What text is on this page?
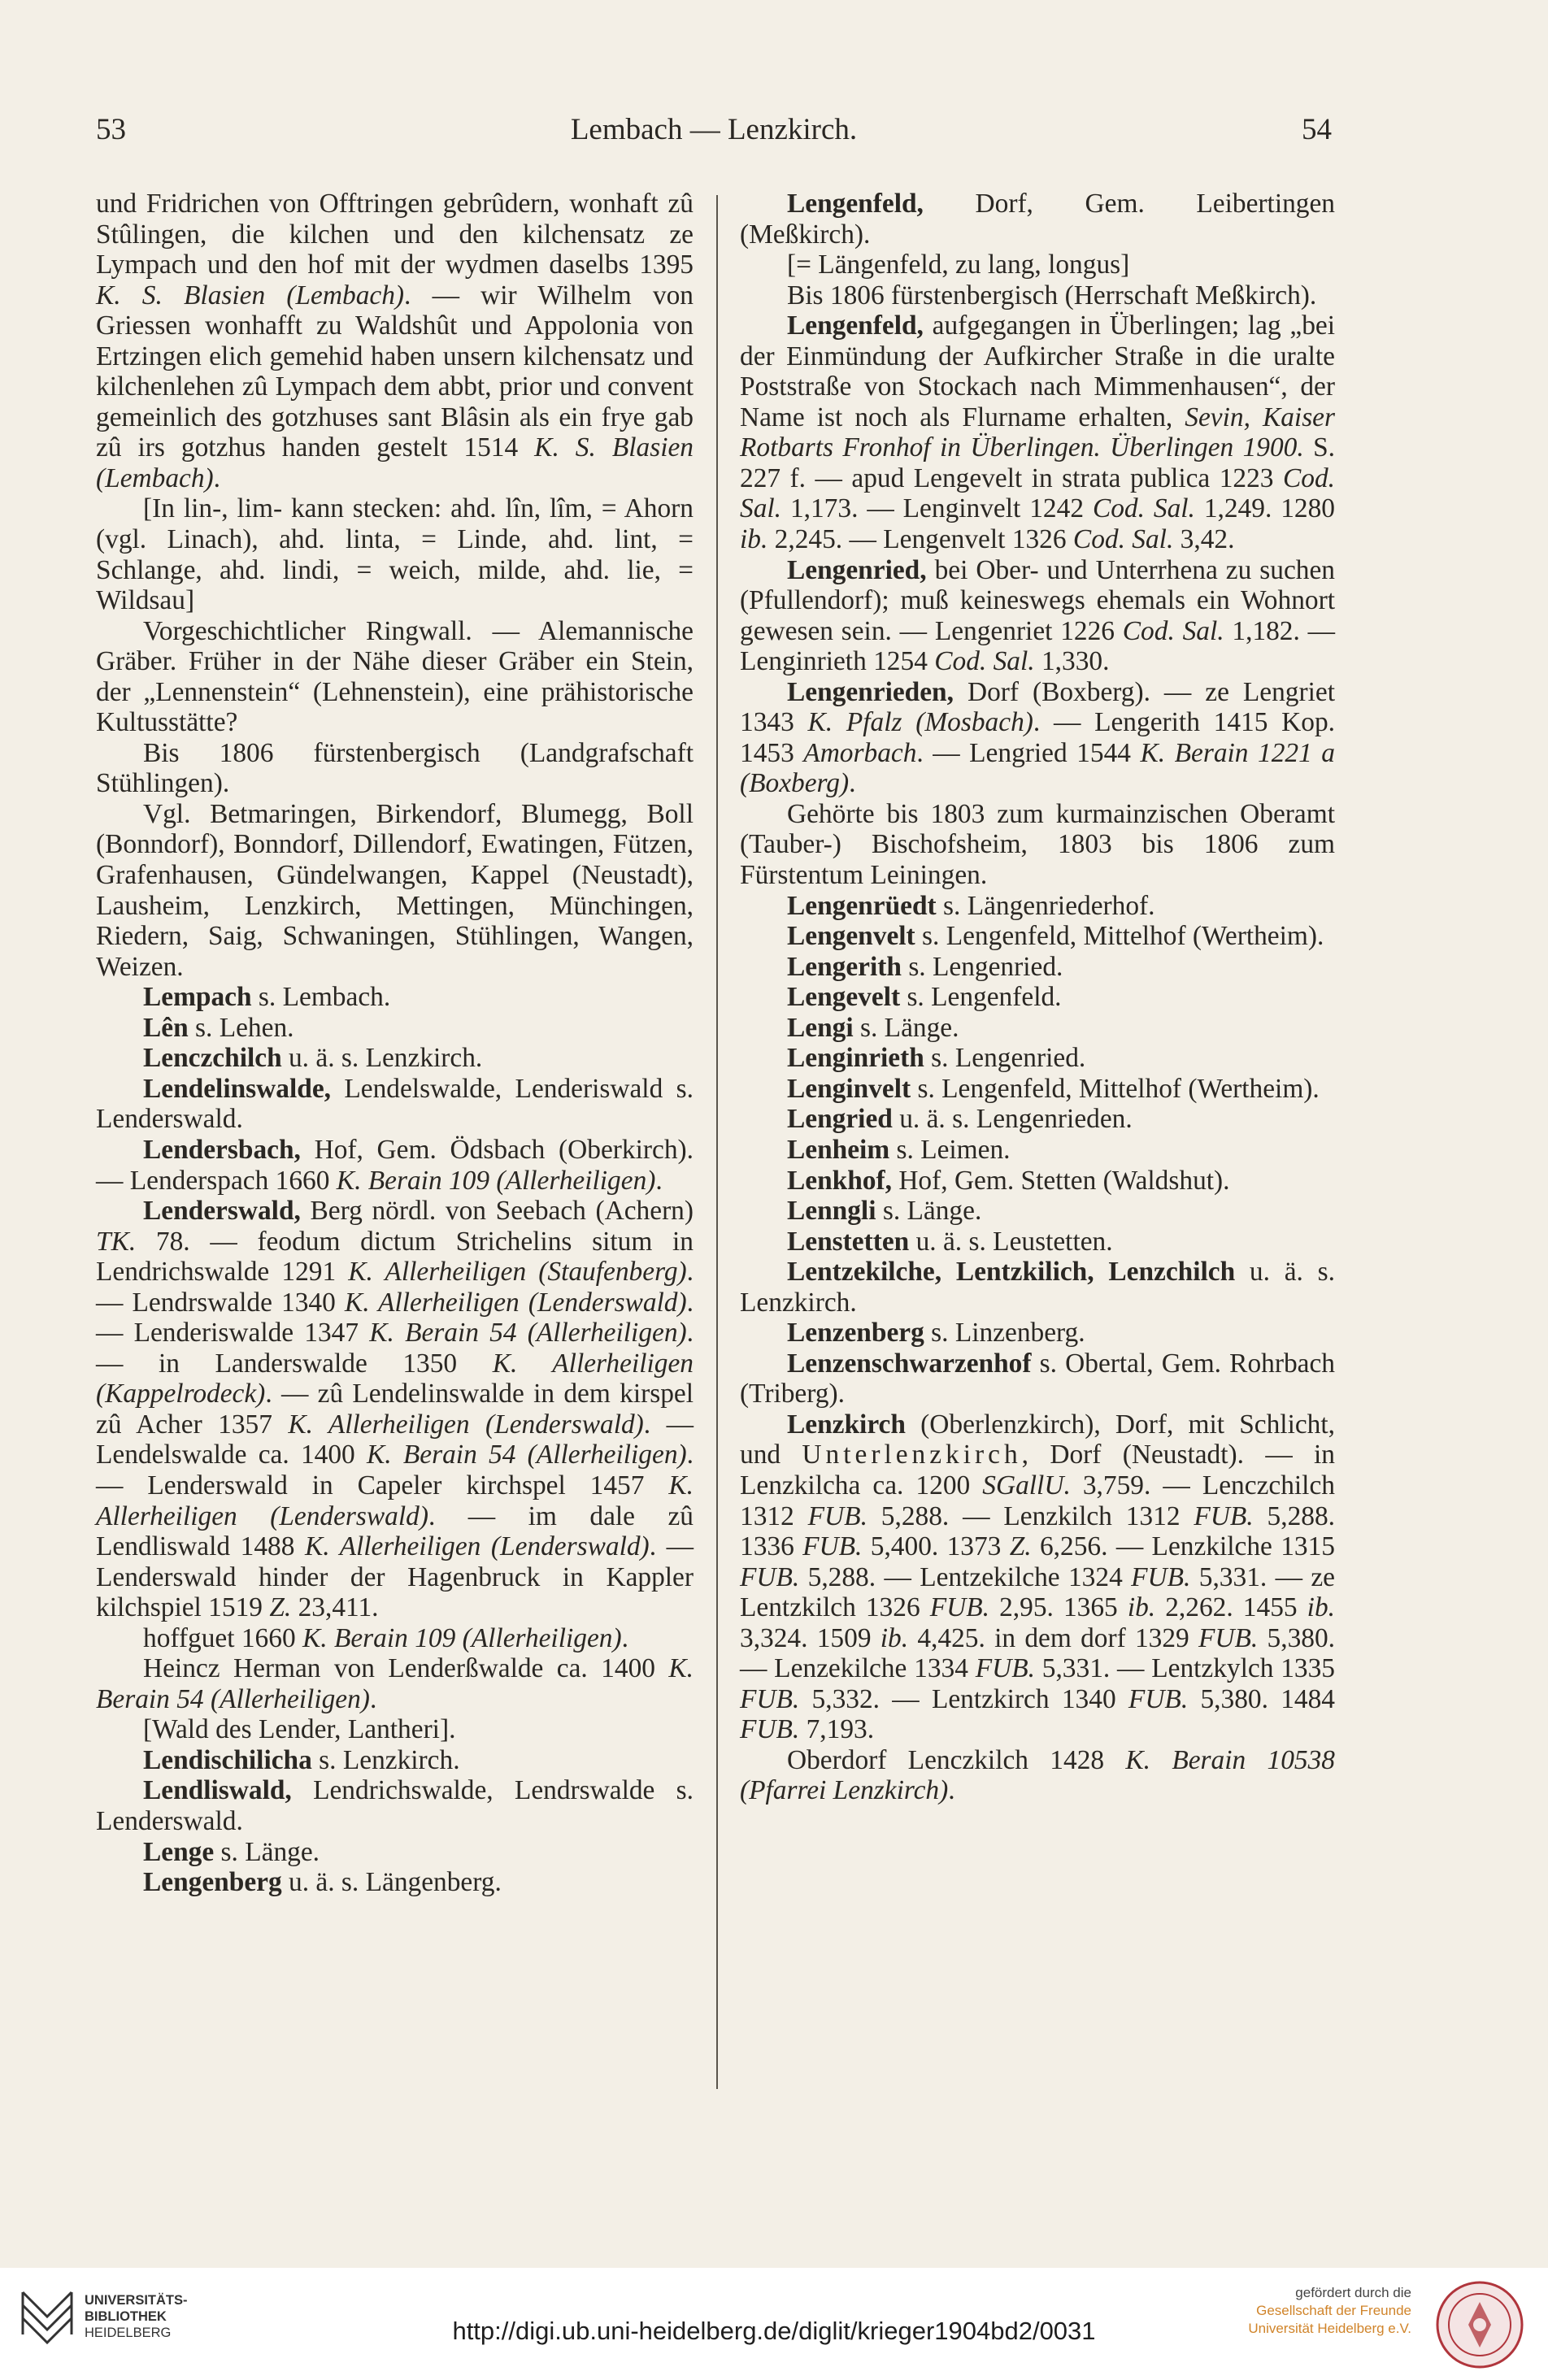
53	Lembach — Lenzkirch.	54

und Fridrichen von Offtringen gebrûdern, wonhaft zû Stûlingen, die kilchen und den kilchensatz ze Lympach und den hof mit der wydmen daselbs 1395 K. S. Blasien (Lembach). — wir Wilhelm von Griessen wonhafft zu Waldshût und Appolonia von Ertzingen elich gemehid haben unsern kilchensatz und kilchenlehen zû Lympach dem abbt, prior und convent gemeinlich des gotzhuses sant Blâsin als ein frye gab zû irs gotzhus handen gestelt 1514 K. S. Blasien (Lembach).

[In lin-, lim- kann stecken: ahd. lîn, lîm, = Ahorn (vgl. Linach), ahd. linta, = Linde, ahd. lint, = Schlange, ahd. lindi, = weich, milde, ahd. lie, = Wildsau]

Vorgeschichtlicher Ringwall. — Alemannische Gräber. Früher in der Nähe dieser Gräber ein Stein, der „Lennenstein“ (Lehnenstein), eine prähistorische Kultusstätte?

Bis 1806 fürstenbergisch (Landgrafschaft Stühlingen).

Vgl. Betmaringen, Birkendorf, Blumegg, Boll (Bonndorf), Bonndorf, Dillendorf, Ewatingen, Fützen, Grafenhausen, Gündelwangen, Kappel (Neustadt), Lausheim, Lenzkirch, Mettingen, Münchingen, Riedern, Saig, Schwaningen, Stühlingen, Wangen, Weizen.

Lempach s. Lembach.

Lên s. Lehen.

Lenczchilch u. ä. s. Lenzkirch.

Lendelinswalde, Lendelswalde, Lenderiswald s. Lenderswald.

Lendersbach, Hof, Gem. Ödsbach (Oberkirch). — Lenderspach 1660 K. Berain 109 (Allerheiligen).

Lenderswald, Berg nördl. von Seebach (Achern) TK. 78. — feodum dictum Strichelins situm in Lendrichswalde 1291 K. Allerheiligen (Staufenberg). — Lendrswalde 1340 K. Allerheiligen (Lenderswald). — Lenderiswalde 1347 K. Berain 54 (Allerheiligen). — in Landerswalde 1350 K. Allerheiligen (Kappelrodeck). — zû Lendelinswalde in dem kirspel zû Acher 1357 K. Allerheiligen (Lenderswald). — Lendelswalde ca. 1400 K. Berain 54 (Allerheiligen). — Lenderswald in Capeler kirchspel 1457 K. Allerheiligen (Lenderswald). — im dale zû Lendliswald 1488 K. Allerheiligen (Lenderswald). — Lenderswald hinder der Hagenbruck in Kappler kilchspiel 1519 Z. 23,411.

hoffguet 1660 K. Berain 109 (Allerheiligen).

Heincz Herman von Lenderßwalde ca. 1400 K. Berain 54 (Allerheiligen).

[Wald des Lender, Lantheri].

Lendischilicha s. Lenzkirch.

Lendliswald, Lendrichswalde, Lendrswalde s. Lenderswald.

Lenge s. Länge.

Lengenberg u. ä. s. Längenberg.

Lengenfeld, Dorf, Gem. Leibertingen (Meßkirch).

[= Längenfeld, zu lang, longus]

Bis 1806 fürstenbergisch (Herrschaft Meßkirch).

Lengenfeld, aufgegangen in Überlingen; lag „bei der Einmündung der Aufkircher Straße in die uralte Poststraße von Stockach nach Mimmenhausen“, der Name ist noch als Flurname erhalten, Sevin, Kaiser Rotbarts Fronhof in Überlingen. Überlingen 1900. S. 227 f. — apud Lengevelt in strata publica 1223 Cod. Sal. 1,173. — Lenginvelt 1242 Cod. Sal. 1,249. 1280 ib. 2,245. — Lengenvelt 1326 Cod. Sal. 3,42.

Lengenried, bei Ober- und Unterrhena zu suchen (Pfullendorf); muß keineswegs ehemals ein Wohnort gewesen sein. — Lengenriet 1226 Cod. Sal. 1,182. — Lenginrieth 1254 Cod. Sal. 1,330.

Lengenrieden, Dorf (Boxberg). — ze Lengriet 1343 K. Pfalz (Mosbach). — Lengerith 1415 Kop. 1453 Amorbach. — Lengried 1544 K. Berain 1221 a (Boxberg).

Gehörte bis 1803 zum kurmainzischen Oberamt (Tauber-) Bischofsheim, 1803 bis 1806 zum Fürstentum Leiningen.

Lengenrüedt s. Längenriederhof.

Lengenvelt s. Lengenfeld, Mittelhof (Wertheim).

Lengerith s. Lengenried.

Lengevelt s. Lengenfeld.

Lengi s. Länge.

Lenginrieth s. Lengenried.

Lenginvelt s. Lengenfeld, Mittelhof (Wertheim).

Lengried u. ä. s. Lengenrieden.

Lenheim s. Leimen.

Lenkhof, Hof, Gem. Stetten (Waldshut).

Lenngli s. Länge.

Lenstetten u. ä. s. Leustetten.

Lentzekilche, Lentzkilich, Lenzchilch u. ä. s. Lenzkirch.

Lenzenberg s. Linzenberg.

Lenzenschwarzenhof s. Obertal, Gem. Rohrbach (Triberg).

Lenzkirch (Oberlenzkirch), Dorf, mit Schlicht, und Unterlenzkirch, Dorf (Neustadt). — in Lenzkilcha ca. 1200 SGallU. 3,759. — Lenczchilch 1312 FUB. 5,288. — Lenzkilch 1312 FUB. 5,288. 1336 FUB. 5,400. 1373 Z. 6,256. — Lenzkilche 1315 FUB. 5,288. — Lentzekilche 1324 FUB. 5,331. — ze Lentzkilch 1326 FUB. 2,95. 1365 ib. 2,262. 1455 ib. 3,324. 1509 ib. 4,425. in dem dorf 1329 FUB. 5,380. — Lenzekilche 1334 FUB. 5,331. — Lentzkylch 1335 FUB. 5,332. — Lentzkirch 1340 FUB. 5,380. 1484 FUB. 7,193.

Oberdorf Lenczkilch 1428 K. Berain 10538 (Pfarrei Lenzkirch).

UNIVERSITÄTS-
BIBLIOTHEK
HEIDELBERG	http://digi.ub.uni-heidelberg.de/diglit/krieger1904bd2/0031
gefördert durch die
Gesellschaft der Freunde
Universität Heidelberg e.V.
